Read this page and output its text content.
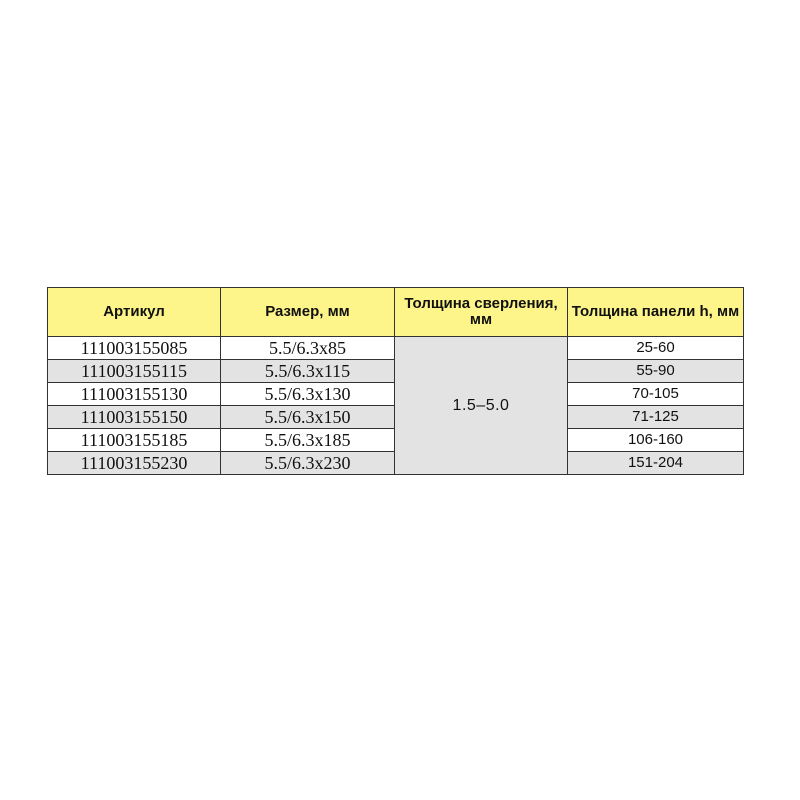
Артикул	Размер, мм	Толщина сверления, мм	Толщина панели h, мм
111003155085	5.5/6.3x85	1.5–5.0	25-60
111003155115	5.5/6.3x115		55-90
111003155130	5.5/6.3x130		70-105
111003155150	5.5/6.3x150		71-125
111003155185	5.5/6.3x185		106-160
111003155230	5.5/6.3x230		151-204
